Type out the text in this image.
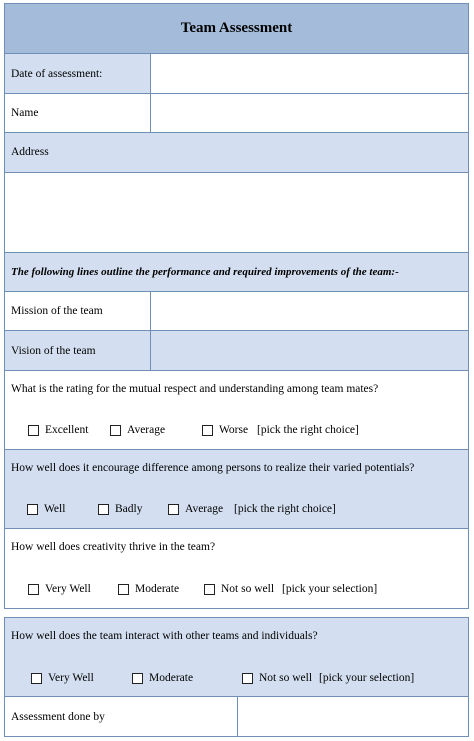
Team Assessment
Date of assessment:
Name
Address
The following lines outline the performance and required improvements of the team:-
Mission of the team
Vision of the team
What is the rating for the mutual respect and understanding among team mates?
Excellent	Average	Worse [pick the right choice]
How well does it encourage difference among persons to realize their varied potentials?
Well	Badly	Average [pick the right choice]
How well does creativity thrive in the team?
Very Well	Moderate	Not so well [pick your selection]
How well does the team interact with other teams and individuals?
Very Well	Moderate	Not so well [pick your selection]
Assessment done by
